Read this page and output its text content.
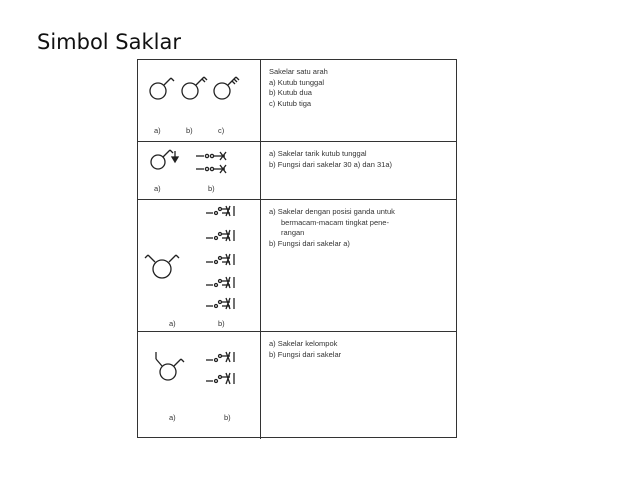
Simbol Saklar
a)	b)	c)
Sakelar satu arah
a) Kutub tunggal
b) Kutub dua
c) Kutub tiga
a)	b)
a) Sakelar tarik kutub tunggal
b) Fungsi dari sakelar 30 a) dan 31a)
a)	b)
a) Sakelar dengan posisi ganda untuk
bermacam-macam tingkat pene-
rangan
b) Fungsi dari sakelar a)
a)	b)
a) Sakelar kelompok
b) Fungsi dari sakelar
